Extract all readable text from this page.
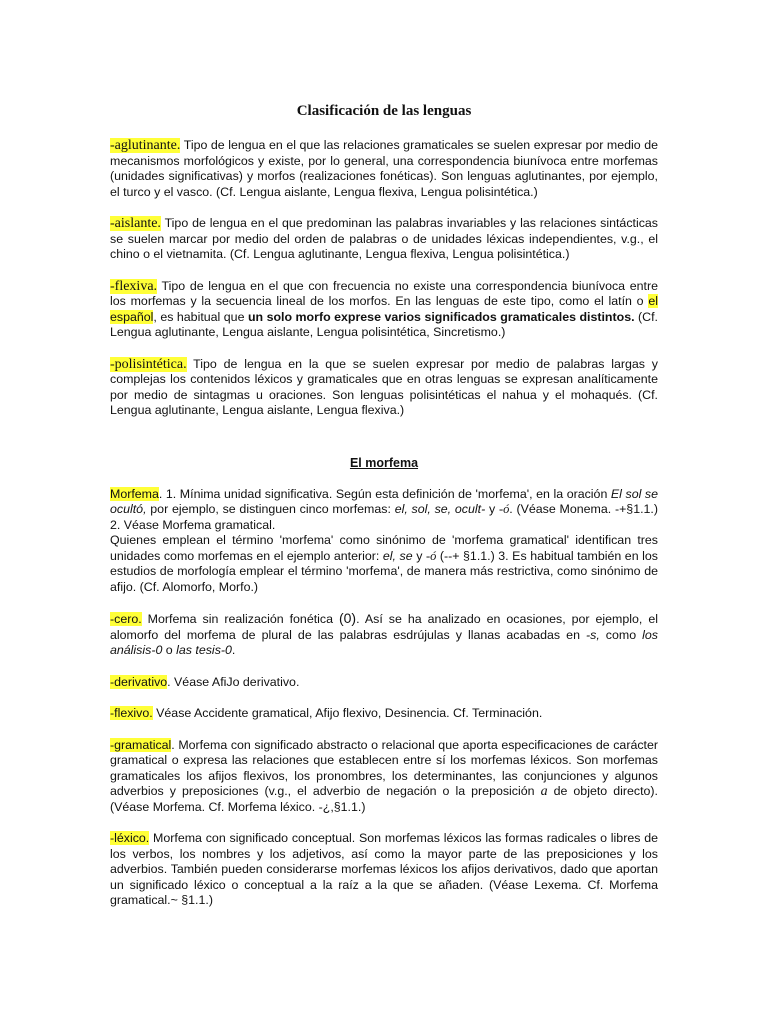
Clasificación de las lenguas

-aglutinante. Tipo de lengua en el que las relaciones gramaticales se suelen expresar por medio de mecanismos morfológicos y existe, por lo general, una correspondencia biunívoca entre morfemas (unidades significativas) y morfos (realizaciones fonéticas). Son lenguas aglutinantes, por ejemplo, el turco y el vasco. (Cf. Lengua aislante, Lengua flexiva, Lengua polisintética.)

-aislante. Tipo de lengua en el que predominan las palabras invariables y las relaciones sintácticas se suelen marcar por medio del orden de palabras o de unidades léxicas independientes, v.g., el chino o el vietnamita. (Cf. Lengua aglutinante, Lengua flexiva, Lengua polisintética.)

-flexiva. Tipo de lengua en el que con frecuencia no existe una correspondencia biunívoca entre los morfemas y la secuencia lineal de los morfos. En las lenguas de este tipo, como el latín o el español, es habitual que un solo morfo exprese varios significados gramaticales distintos. (Cf. Lengua aglutinante, Lengua aislante, Lengua polisintética, Sincretismo.)

-polisintética. Tipo de lengua en la que se suelen expresar por medio de palabras largas y complejas los contenidos léxicos y gramaticales que en otras lenguas se expresan analíticamente por medio de sintagmas u oraciones. Son lenguas polisintéticas el nahua y el mohaqués. (Cf. Lengua aglutinante, Lengua aislante, Lengua flexiva.)

El morfema

Morfema. 1. Mínima unidad significativa. Según esta definición de 'morfema', en la oración El sol se ocultó, por ejemplo, se distinguen cinco morfemas: el, sol, se, ocult- y -ó. (Véase Monema. -+§1.1.) 2. Véase Morfema gramatical.
Quienes emplean el término 'morfema' como sinónimo de 'morfema gramatical' identifican tres unidades como morfemas en el ejemplo anterior: el, se y -ó (--+ §1.1.) 3. Es habitual también en los estudios de morfología emplear el término 'morfema', de manera más restrictiva, como sinónimo de afijo. (Cf. Alomorfo, Morfo.)

-cero. Morfema sin realización fonética (0). Así se ha analizado en ocasiones, por ejemplo, el alomorfo del morfema de plural de las palabras esdrújulas y llanas acabadas en -s, como los análisis-0 o las tesis-0.

-derivativo. Véase AfiJo derivativo.

-flexivo. Véase Accidente gramatical, Afijo flexivo, Desinencia. Cf. Terminación.

-gramatical. Morfema con significado abstracto o relacional que aporta especificaciones de carácter gramatical o expresa las relaciones que establecen entre sí los morfemas léxicos. Son morfemas gramaticales los afijos flexivos, los pronombres, los determinantes, las conjunciones y algunos adverbios y preposiciones (v.g., el adverbio de negación o la preposición a de objeto directo). (Véase Morfema. Cf. Morfema léxico. -¿,§1.1.)

-léxico. Morfema con significado conceptual. Son morfemas léxicos las formas radicales o libres de los verbos, los nombres y los adjetivos, así como la mayor parte de las preposiciones y los adverbios. También pueden considerarse morfemas léxicos los afijos derivativos, dado que aportan un significado léxico o conceptual a la raíz a la que se añaden. (Véase Lexema. Cf. Morfema gramatical.~ §1.1.)
